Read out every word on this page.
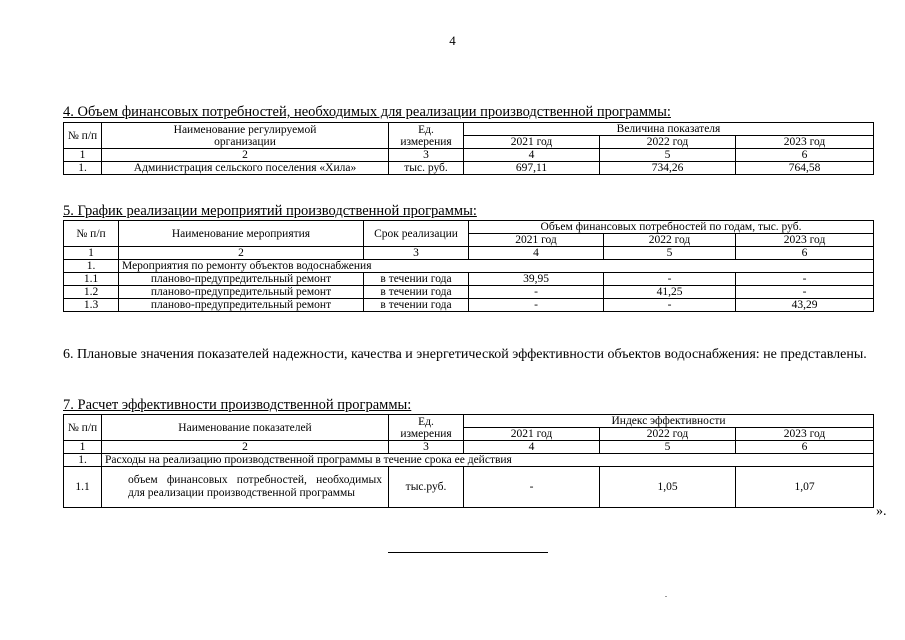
4
4. Объем финансовых потребностей, необходимых для реализации производственной программы:
№ п/п	Наименование регулируемой организации	Ед. измерения	Величина показателя		
			2021 год	2022 год	2023 год
1	2	3	4	5	6
1.	Администрация сельского поселения «Хила»	тыс. руб.	697,11	734,26	764,58
5. График реализации мероприятий производственной программы:
№ п/п	Наименование мероприятия	Срок реализации	Объем финансовых потребностей по годам, тыс. руб.		
			2021 год	2022 год	2023 год
1	2	3	4	5	6
1.	Мероприятия по ремонту объектов водоснабжения				
1.1	планово-предупредительный ремонт	в течении года	39,95	-	-
1.2	планово-предупредительный ремонт	в течении года	-	41,25	-
1.3	планово-предупредительный ремонт	в течении года	-	-	43,29
6. Плановые значения показателей надежности, качества и энергетической эффективности объектов водоснабжения: не представлены.
7. Расчет эффективности производственной программы:
№ п/п	Наименование показателей	Ед. измерения	Индекс эффективности		
			2021 год	2022 год	2023 год
1	2	3	4	5	6
1.	Расходы на реализацию производственной программы в течение срока ее действия				
1.1	объем финансовых потребностей, необходимых для реализации производственной программы	тыс.руб.	-	1,05	1,07
».
